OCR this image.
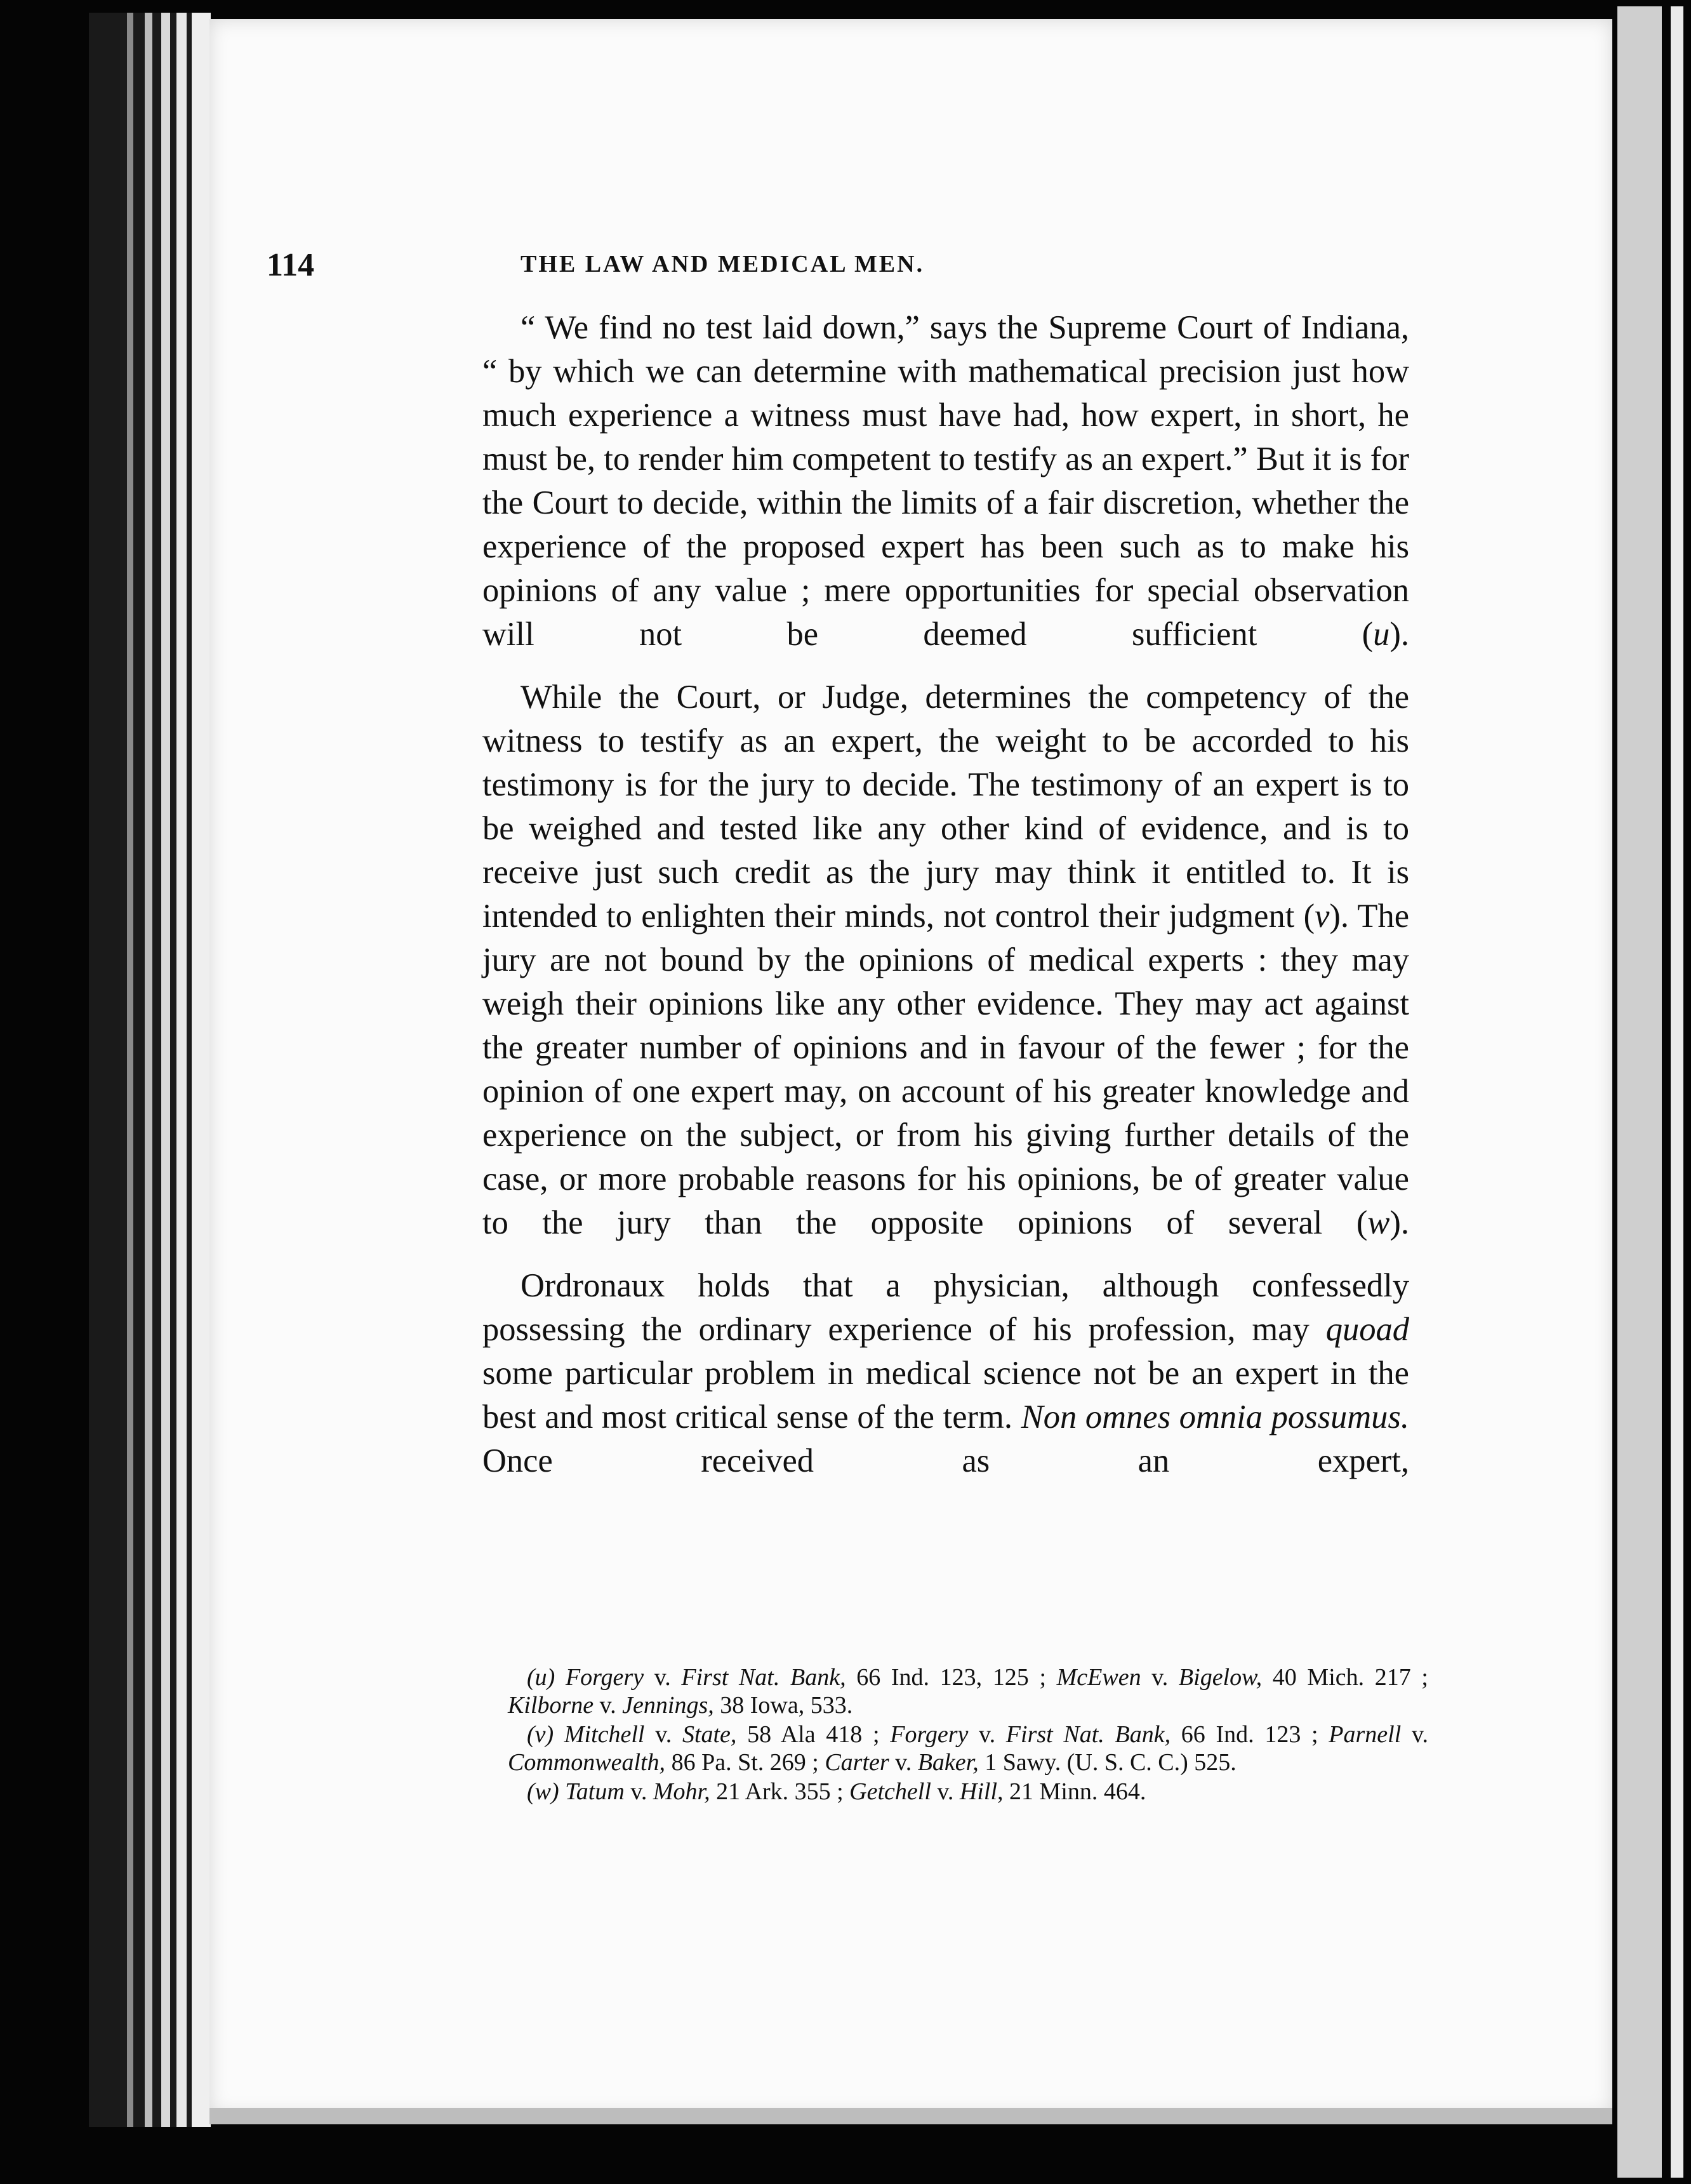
114	THE LAW AND MEDICAL MEN.

“ We find no test laid down,” says the Supreme Court of Indiana, “ by which we can determine with mathematical precision just how much experience a witness must have had, how expert, in short, he must be, to render him competent to testify as an expert.” But it is for the Court to decide, within the limits of a fair discretion, whether the experience of the proposed expert has been such as to make his opinions of any value ; mere opportunities for special observation will not be deemed sufficient (u).

While the Court, or Judge, determines the competency of the witness to testify as an expert, the weight to be accorded to his testimony is for the jury to decide. The testimony of an expert is to be weighed and tested like any other kind of evidence, and is to receive just such credit as the jury may think it entitled to. It is intended to enlighten their minds, not control their judgment (v). The jury are not bound by the opinions of medical experts : they may weigh their opinions like any other evidence. They may act against the greater number of opinions and in favour of the fewer ; for the opinion of one expert may, on account of his greater knowledge and experience on the subject, or from his giving further details of the case, or more probable reasons for his opinions, be of greater value to the jury than the opposite opinions of several (w).

Ordronaux holds that a physician, although confessedly possessing the ordinary experience of his profession, may quoad some particular problem in medical science not be an expert in the best and most critical sense of the term. Non omnes omnia possumus. Once received as an expert,

(u) Forgery v. First Nat. Bank, 66 Ind. 123, 125 ; McEwen v. Bigelow, 40 Mich. 217 ; Kilborne v. Jennings, 38 Iowa, 533.

(v) Mitchell v. State, 58 Ala 418 ; Forgery v. First Nat. Bank, 66 Ind. 123 ; Parnell v. Commonwealth, 86 Pa. St. 269 ; Carter v. Baker, 1 Sawy. (U. S. C. C.) 525.

(w) Tatum v. Mohr, 21 Ark. 355 ; Getchell v. Hill, 21 Minn. 464.
